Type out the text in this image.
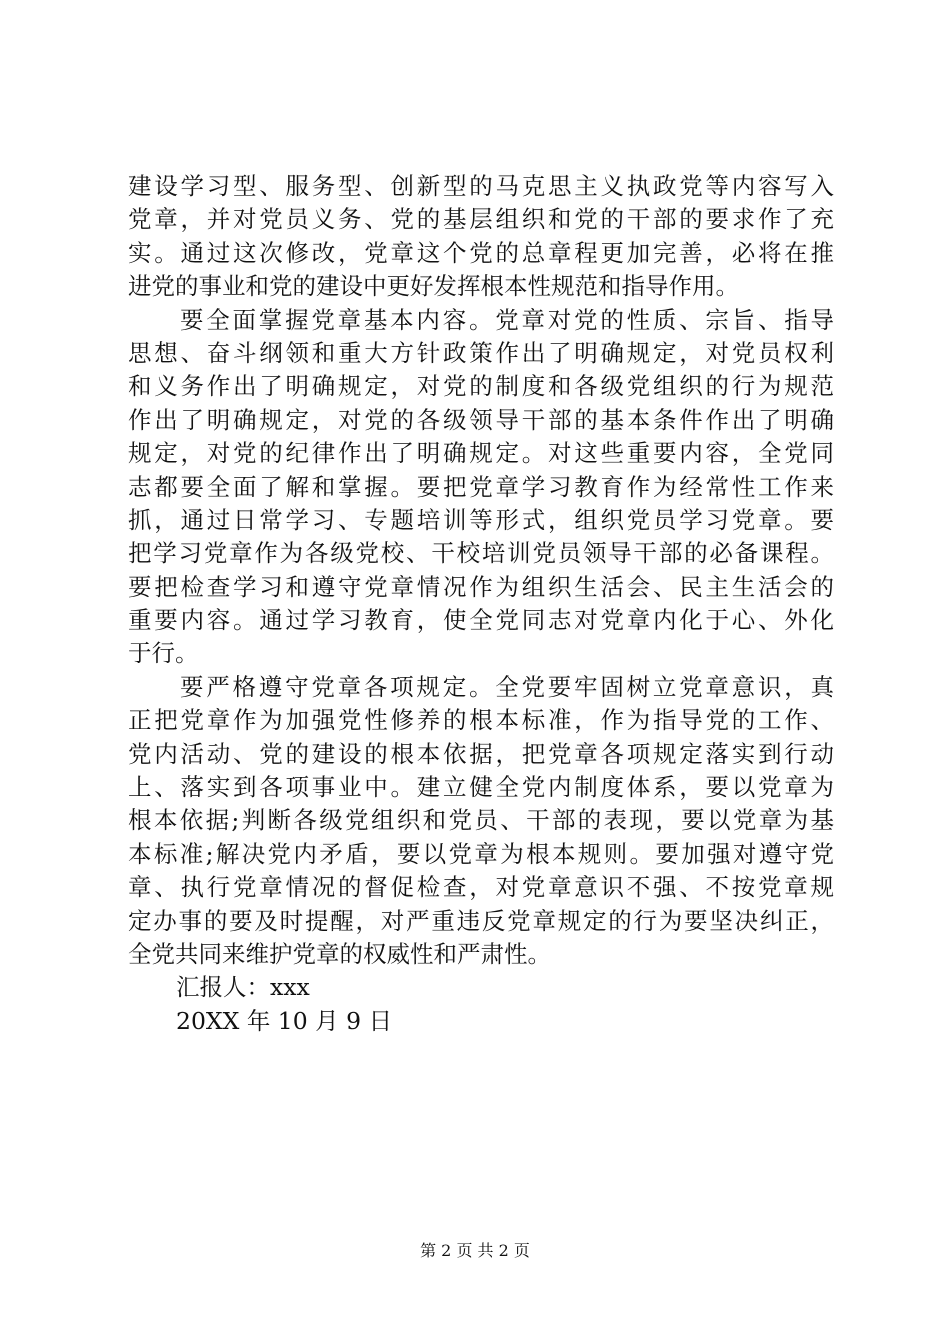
建设学习型、服务型、创新型的马克思主义执政党等内容写入
党章，并对党员义务、党的基层组织和党的干部的要求作了充
实。通过这次修改，党章这个党的总章程更加完善，必将在推
进党的事业和党的建设中更好发挥根本性规范和指导作用。
要全面掌握党章基本内容。党章对党的性质、宗旨、指导
思想、奋斗纲领和重大方针政策作出了明确规定，对党员权利
和义务作出了明确规定，对党的制度和各级党组织的行为规范
作出了明确规定，对党的各级领导干部的基本条件作出了明确
规定，对党的纪律作出了明确规定。对这些重要内容，全党同
志都要全面了解和掌握。要把党章学习教育作为经常性工作来
抓，通过日常学习、专题培训等形式，组织党员学习党章。要
把学习党章作为各级党校、干校培训党员领导干部的必备课程。
要把检查学习和遵守党章情况作为组织生活会、民主生活会的
重要内容。通过学习教育，使全党同志对党章内化于心、外化
于行。
要严格遵守党章各项规定。全党要牢固树立党章意识，真
正把党章作为加强党性修养的根本标准，作为指导党的工作、
党内活动、党的建设的根本依据，把党章各项规定落实到行动
上、落实到各项事业中。建立健全党内制度体系，要以党章为
根本依据;判断各级党组织和党员、干部的表现，要以党章为基
本标准;解决党内矛盾，要以党章为根本规则。要加强对遵守党
章、执行党章情况的督促检查，对党章意识不强、不按党章规
定办事的要及时提醒，对严重违反党章规定的行为要坚决纠正，
全党共同来维护党章的权威性和严肃性。
汇报人：xxx
20XX 年 10 月 9 日
第 2 页 共 2 页
